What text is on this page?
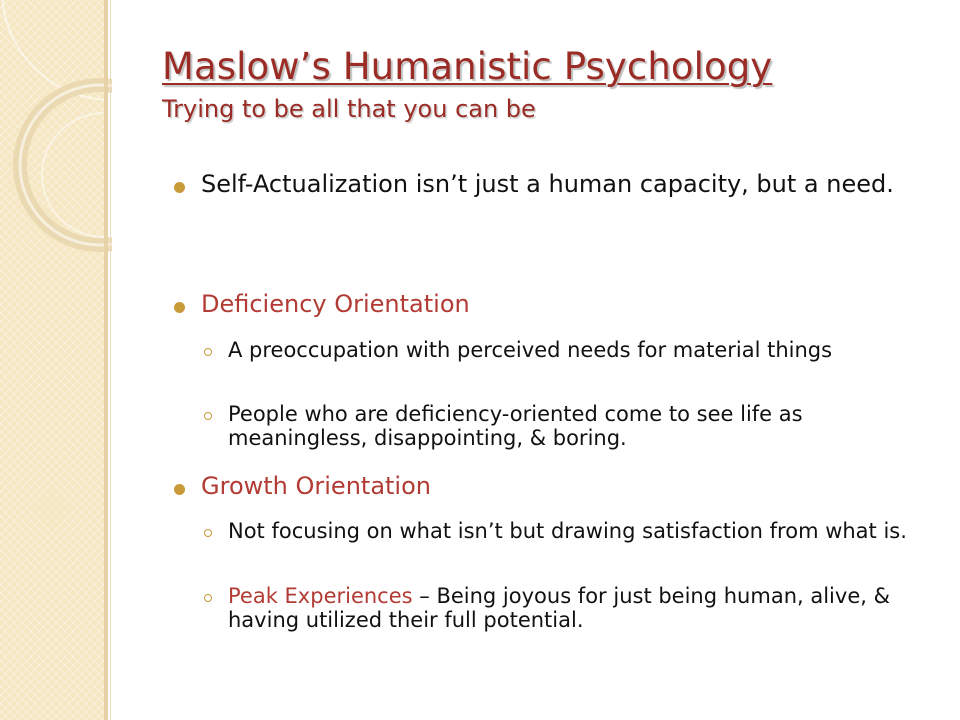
Maslow’s Humanistic Psychology
Trying to be all that you can be
Self-Actualization isn’t just a human capacity, but a need.
Deficiency Orientation
A preoccupation with perceived needs for material things
People who are deficiency-oriented come to see life as meaningless, disappointing, & boring.
Growth Orientation
Not focusing on what isn’t but drawing satisfaction from what is.
Peak Experiences – Being joyous for just being human, alive, & having utilized their full potential.
